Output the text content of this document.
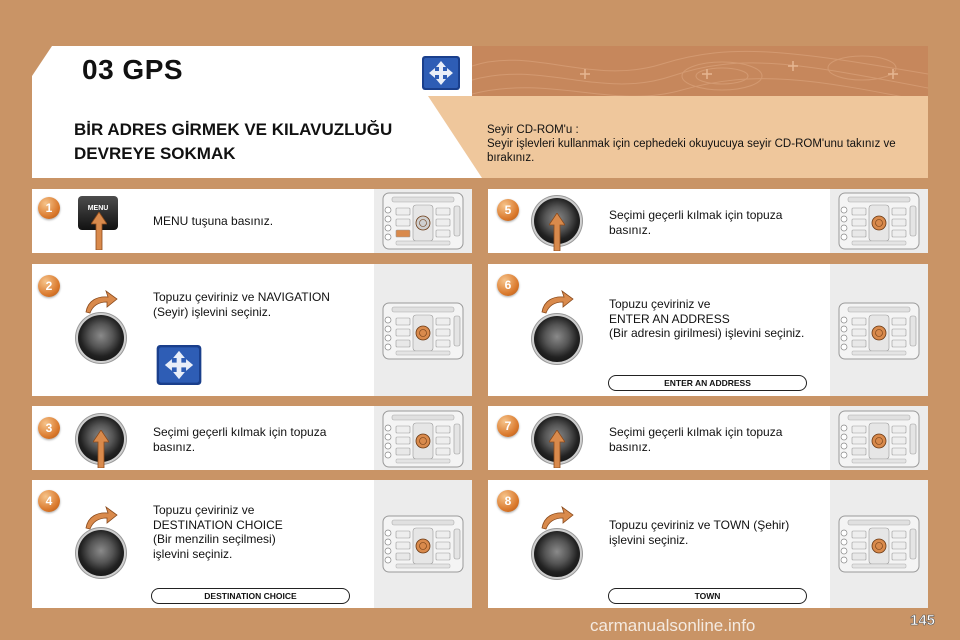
03 GPS
BİR ADRES GİRMEK VE KILAVUZLUĞU
DEVREYE SOKMAK
Seyir CD-ROM'u :
Seyir işlevleri kullanmak için cephedeki okuyucuya seyir CD-ROM'unu takınız ve bırakınız.
1	MENU
MENU tuşuna basınız.
2
Topuzu çeviriniz ve NAVIGATION
(Seyir) işlevini seçiniz.
3	Seçimi geçerli kılmak için topuza
basınız.
4
Topuzu çeviriniz ve
DESTINATION CHOICE
(Bir menzilin seçilmesi)
işlevini seçiniz.
DESTINATION CHOICE
5	Seçimi geçerli kılmak için topuza
basınız.
6
Topuzu çeviriniz ve
ENTER AN ADDRESS
(Bir adresin girilmesi) işlevini seçiniz.
ENTER AN ADDRESS
7	Seçimi geçerli kılmak için topuza
basınız.
8
Topuzu çeviriniz ve TOWN (Şehir)
işlevini seçiniz.
TOWN
carmanualsonline.info	145
